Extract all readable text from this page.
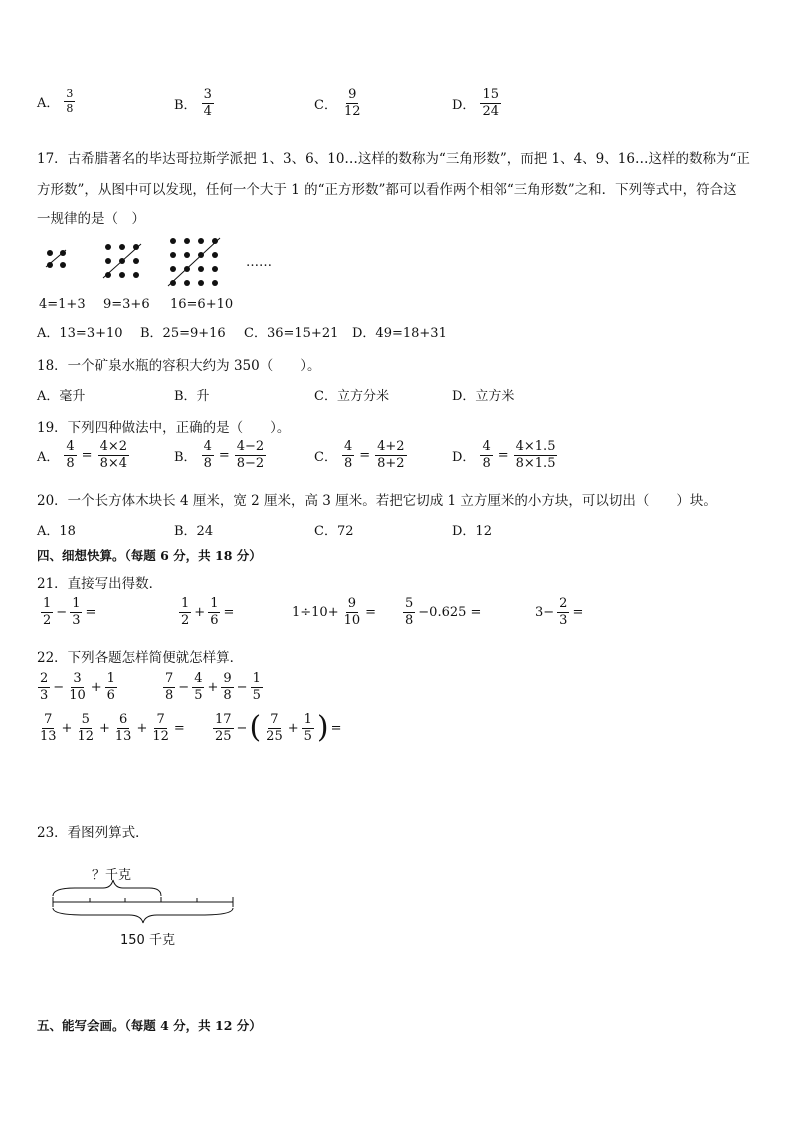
A． $\frac{3}{8}$	B． $\frac{3}{4}$	C． $\frac{9}{12}$	D． $\frac{15}{24}$
17．古希腊著名的毕达哥拉斯学派把 1、3、6、10…这样的数称为“三角形数”，而把 1、4、9、16…这样的数称为“正
方形数”，从图中可以发现，任何一个大于 1 的“正方形数”都可以看作两个相邻“三角形数”之和．下列等式中，符合这
一规律的是（　）
……
4=1+3 9=3+6 16=6+10
A．13=3+10 B．25=9+16 C．36=15+21 D．49=18+31
18．一个矿泉水瓶的容积大约为 350（　　）。
A．毫升	B．升	C．立方分米	D．立方米
19．下列四种做法中，正确的是（　　）。
A． $\frac{4}{8} = \frac{4\times 2}{8\times 4}$	B． $\frac{4}{8} = \frac{4-2}{8-2}$	C． $\frac{4}{8} = \frac{4+2}{8+2}$	D． $\frac{4}{8} = \frac{4\times 1.5}{8\times 1.5}$
20．一个长方体木块长 4 厘米，宽 2 厘米，高 3 厘米。若把它切成 1 立方厘米的小方块，可以切出（　　）块。
A．18	B．24	C．72	D．12
四、细想快算。（每题 6 分，共 18 分）
21．直接写出得数．
$\frac{1}{2} - \frac{1}{3}$ =	$\frac{1}{2} + \frac{1}{6}$ =	$1\div 10+ \frac{9}{10} = \frac{5}{8} -0.625$ =	$3- \frac{2}{3}$ =
22．下列各题怎样简便就怎样算．
$\frac{2}{3} - \frac{3}{10} + \frac{1}{6}$	$\frac{7}{8} - \frac{4}{5} + \frac{9}{8} - \frac{1}{5}$
$\frac{7}{13} + \frac{5}{12} + \frac{6}{13} + \frac{7}{12} = \frac{17}{25}$ − ( $\frac{7}{25} + \frac{1}{5}$ ) =
23．看图列算式．
？千克
150 千克
五、能写会画。（每题 4 分，共 12 分）
